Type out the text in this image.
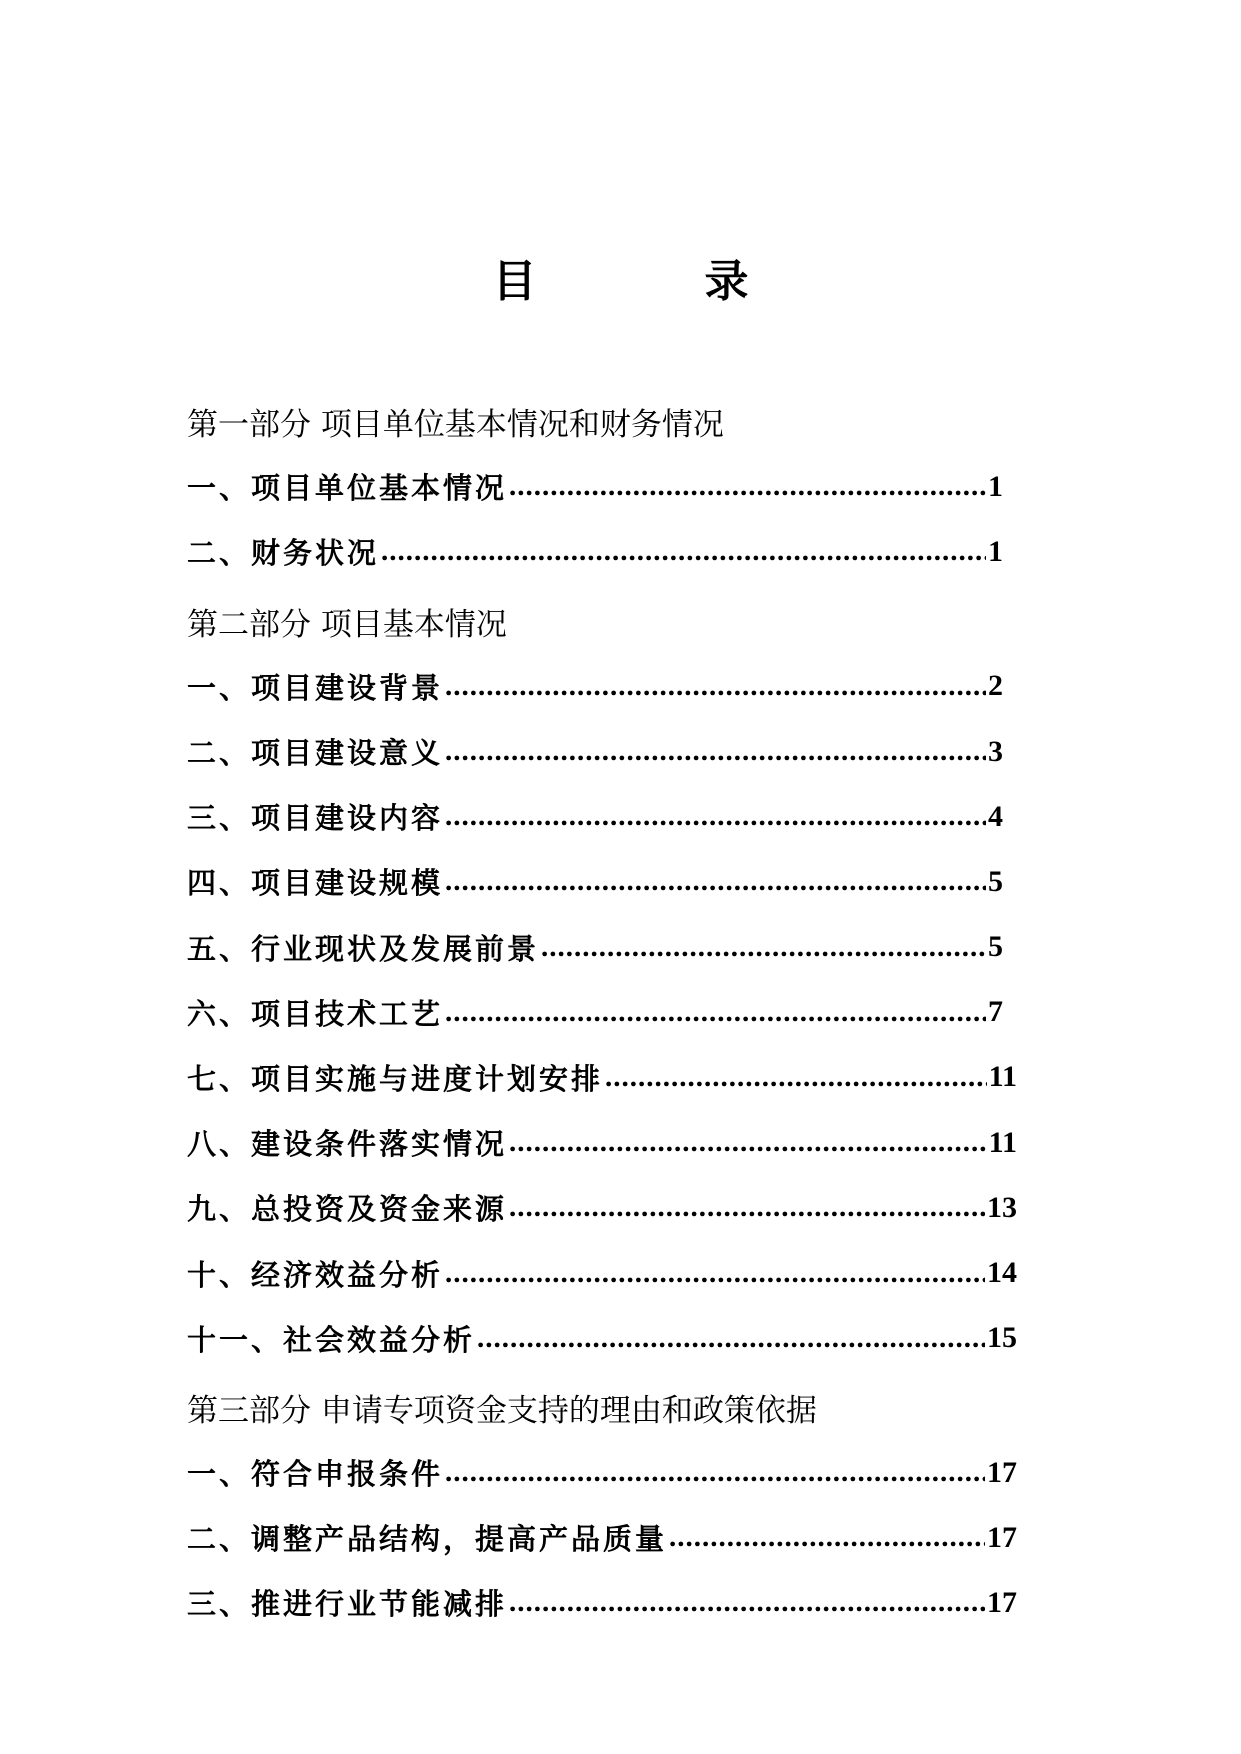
目　录
第一部分 项目单位基本情况和财务情况
一、项目单位基本情况 .....	1
二、财务状况 .....	1
第二部分 项目基本情况
一、项目建设背景 .....	2
二、项目建设意义 .....	3
三、项目建设内容 .....	4
四、项目建设规模 .....	5
五、行业现状及发展前景 .....	5
六、项目技术工艺 .....	7
七、项目实施与进度计划安排 .....	11
八、建设条件落实情况 .....	11
九、总投资及资金来源 .....	13
十、经济效益分析 .....	14
十一、社会效益分析 .....	15
第三部分 申请专项资金支持的理由和政策依据
一、符合申报条件 .....	17
二、调整产品结构，提高产品质量 .....	17
三、推进行业节能减排 .....	17
